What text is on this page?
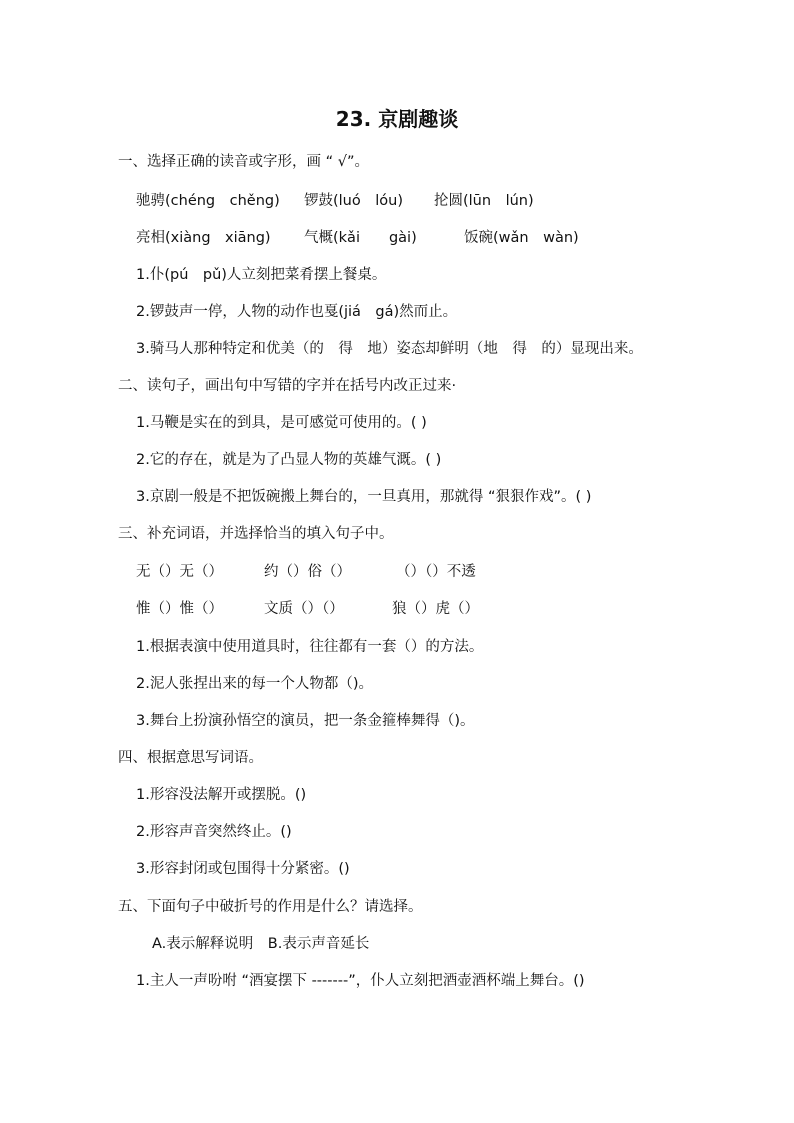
23. 京剧趣谈
一、选择正确的读音或字形，画 “ √”。
驰骋(chéng　chěng) 锣鼓(luó　lóu) 抡圆(lūn　lún)
亮相(xiàng　xiāng) 气概(kǎi　　gài)	饭碗(wǎn　wàn)
1.仆(pú　pǔ)人立刻把菜肴摆上餐桌。
2.锣鼓声一停，人物的动作也戛(jiá　gá)然而止。
3.骑马人那种特定和优美（的　得　地）姿态却鲜明（地　得　的）显现出来。
二、读句子，画出句中写错的字并在括号内改正过来·
1.马鞭是实在的到具，是可感觉可使用的。( )
2.它的存在，就是为了凸显人物的英雄气溉。( )
3.京剧一般是不把饭碗搬上舞台的，一旦真用，那就得 “狠狠作戏”。( )
三、补充词语，并选择恰当的填入句子中。
无（）无（）	约（）俗（）	（）（）不透
惟（）惟（）	文质（）（）	狼（）虎（）
1.根据表演中使用道具时，往往都有一套（）的方法。
2.泥人张捏出来的每一个人物都（)。
3.舞台上扮演孙悟空的演员，把一条金箍棒舞得（)。
四、根据意思写词语。
1.形容没法解开或摆脱。()
2.形容声音突然终止。()
3.形容封闭或包围得十分紧密。()
五、下面句子中破折号的作用是什么？请选择。
A.表示解释说明　B.表示声音延长
1.主人一声吩咐 “酒宴摆下 -------”，仆人立刻把酒壶酒杯端上舞台。()
